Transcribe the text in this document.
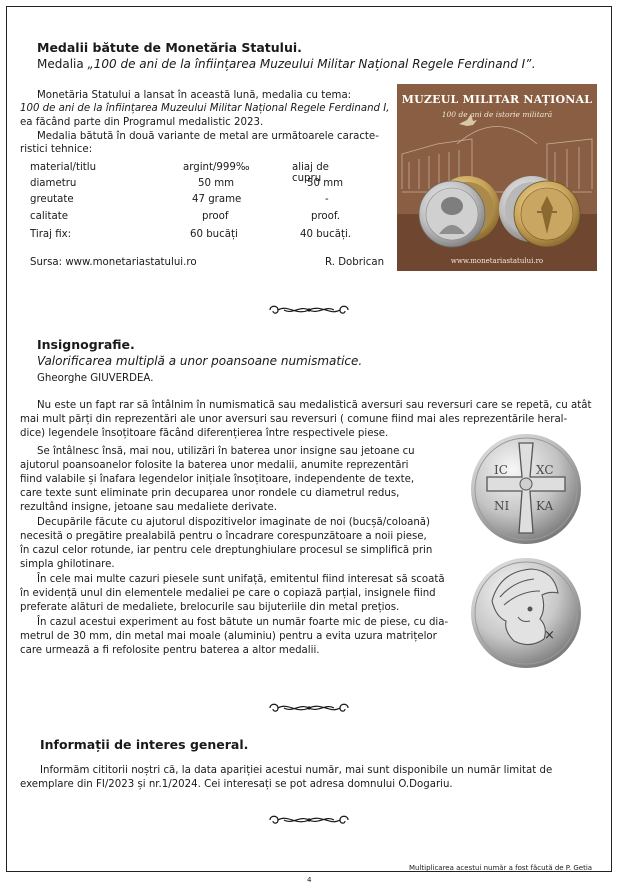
Medalii bătute de Monetăria Statului.
Medalia „100 de ani de la înființarea Muzeului Militar Național Regele Ferdinand I”.
Monetăria Statului a lansat în această lună, medalia cu tema:
100 de ani de la înființarea Muzeului Militar Național Regele Ferdinand I,
ea făcând parte din Programul medalistic 2023.
Medalia bătută în două variante de metal are următoarele caracte-
ristici tehnice:
material/titlu	argint/999‰	aliaj de cupru
diametru	50 mm	50 mm
greutate	47 grame	-
calitate	proof	proof.
Tiraj fix:	60 bucăți	40 bucăți.
Sursa: www.monetariastatului.ro	R. Dobrican
MUZEUL MILITAR NAȚIONAL
100 de ani de istorie militară
www.monetariastatului.ro
Insignografie.
Valorificarea multiplă a unor poansoane numismatice.
Gheorghe GIUVERDEA.
Nu este un fapt rar să întâlnim în numismatică sau medalistică aversuri sau reversuri care se repetă, cu atât
mai mult părți din reprezentări ale unor aversuri sau reversuri ( comune fiind mai ales reprezentările heral-
dice) legendele însoțitoare făcând diferențierea între respectivele piese.
Se întâlnesc însă, mai nou, utilizări în baterea unor insigne sau jetoane cu
ajutorul poansoanelor folosite la baterea unor medalii, anumite reprezentări
fiind valabile și înafara legendelor inițiale însoțitoare, independente de texte,
care texte sunt eliminate prin decuparea unor rondele cu diametrul redus,
rezultând insigne, jetoane sau medaliete derivate.
Decupările făcute cu ajutorul dispozitivelor imaginate de noi (bucșă/coloană)
necesită o pregătire prealabilă pentru o încadrare corespunzătoare a noii piese,
în cazul celor rotunde, iar pentru cele dreptunghiulare procesul se simplifică prin
simpla ghilotinare.
În cele mai multe cazuri piesele sunt unifață, emitentul fiind interesat să scoată
în evidență unul din elementele medaliei pe care o copiază parțial, insignele fiind
preferate alături de medaliete, brelocurile sau bijuteriile din metal prețios.
În cazul acestui experiment au fost bătute un număr foarte mic de piese, cu dia-
metrul de 30 mm, din metal mai moale (aluminiu) pentru a evita uzura matrițelor
care urmează a fi refolosite pentru baterea a altor medalii.
IC XC
NI KA
×
Informații de interes general.
Informăm cititorii noștri că, la data apariției acestui număr, mai sunt disponibile un număr limitat de
exemplare din FI/2023 și nr.1/2024. Cei interesați se pot adresa domnului O.Dogariu.
Multiplicarea acestui număr a fost făcută de P. Getia
4
